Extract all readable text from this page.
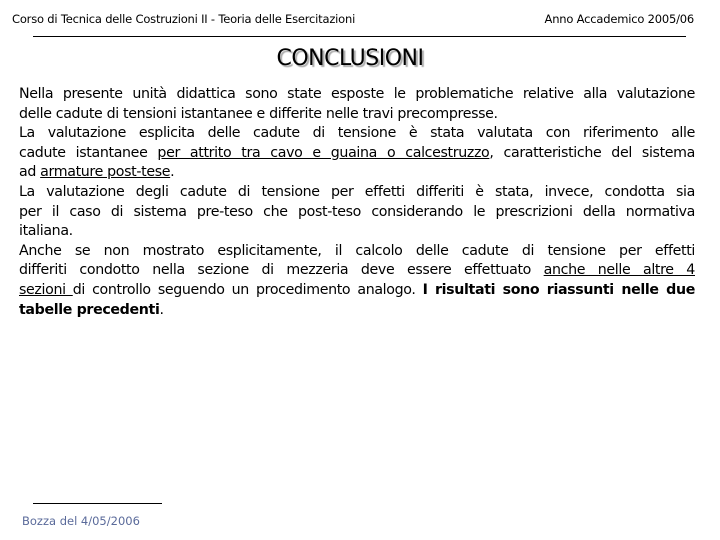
Corso di Tecnica delle Costruzioni II - Teoria delle Esercitazioni	Anno Accademico 2005/06
CONCLUSIONI
Nella presente unità didattica sono state esposte le problematiche relative alla valutazione
delle cadute di tensioni istantanee e differite nelle travi precompresse.
La valutazione esplicita delle cadute di tensione è stata valutata con riferimento alle
cadute istantanee per attrito tra cavo e guaina o calcestruzzo, caratteristiche del sistema
ad armature post-tese.
La valutazione degli cadute di tensione per effetti differiti è stata, invece, condotta sia
per il caso di sistema pre-teso che post-teso considerando le prescrizioni della normativa
italiana.
Anche se non mostrato esplicitamente, il calcolo delle cadute di tensione per effetti
differiti condotto nella sezione di mezzeria deve essere effettuato anche nelle altre 4
sezioni di controllo seguendo un procedimento analogo. I risultati sono riassunti nelle due
tabelle precedenti.
Bozza del 4/05/2006
